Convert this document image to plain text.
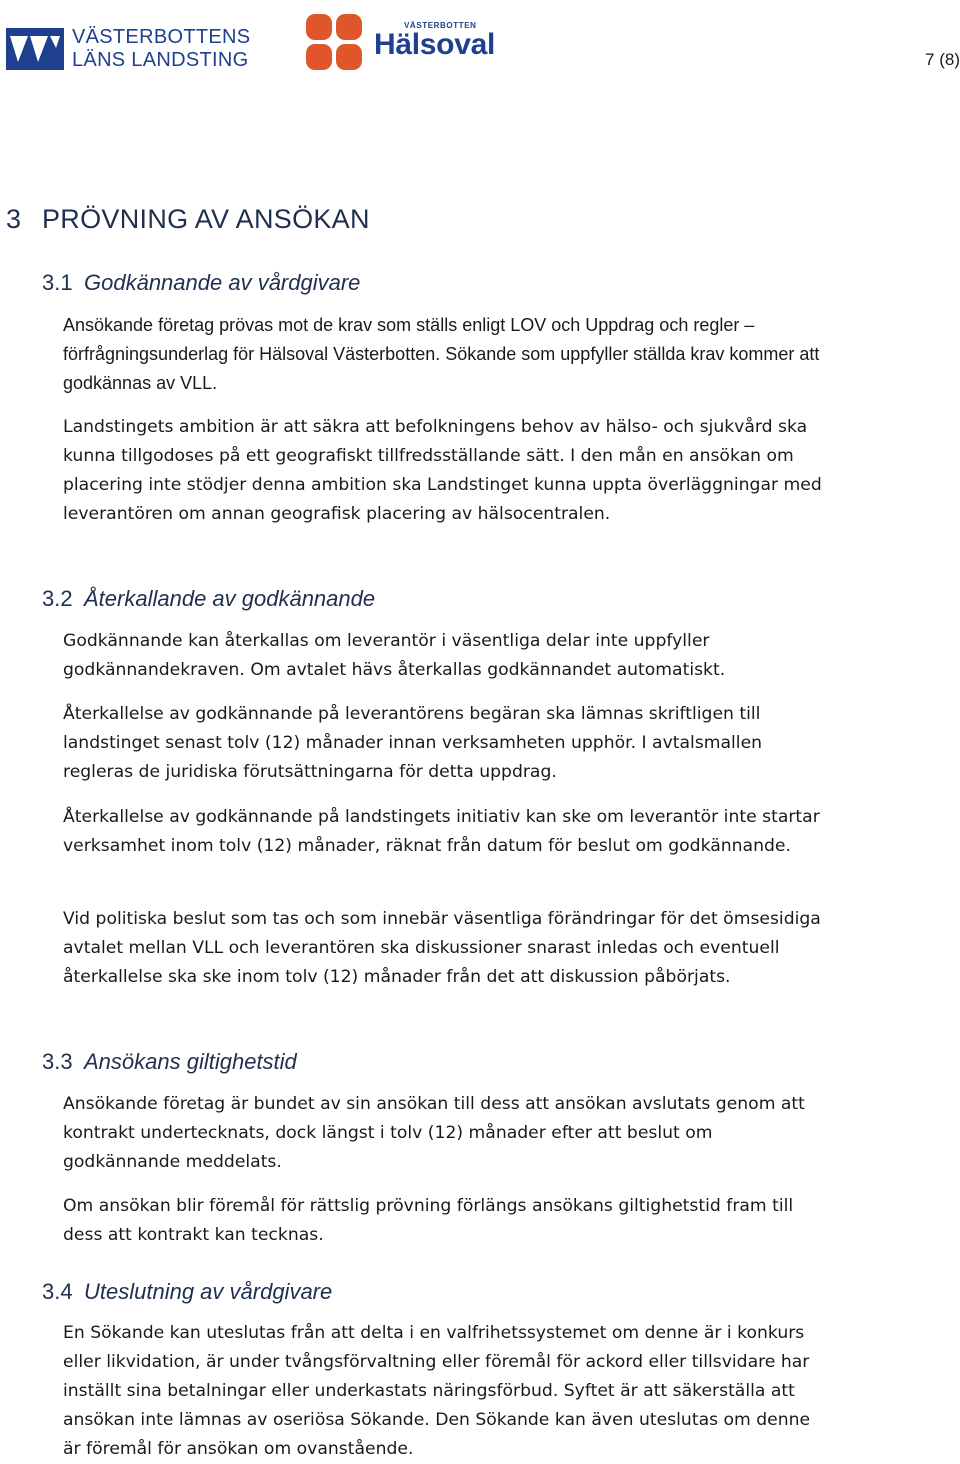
VÄSTERBOTTENS
LÄNS LANDSTING
VÄSTERBOTTEN
Hälsoval	7 (8)
3 PRÖVNING AV ANSÖKAN
3.1 Godkännande av vårdgivare
Ansökande företag prövas mot de krav som ställs enligt LOV och Uppdrag och regler – förfrågningsunderlag för Hälsoval Västerbotten. Sökande som uppfyller ställda krav kommer att godkännas av VLL.
Landstingets ambition är att säkra att befolkningens behov av hälso- och sjukvård ska kunna tillgodoses på ett geografiskt tillfredsställande sätt. I den mån en ansökan om placering inte stödjer denna ambition ska Landstinget kunna uppta överläggningar med leverantören om annan geografisk placering av hälsocentralen.
3.2 Återkallande av godkännande
Godkännande kan återkallas om leverantör i väsentliga delar inte uppfyller godkännandekraven. Om avtalet hävs återkallas godkännandet automatiskt.
Återkallelse av godkännande på leverantörens begäran ska lämnas skriftligen till landstinget senast tolv (12) månader innan verksamheten upphör. I avtalsmallen regleras de juridiska förutsättningarna för detta uppdrag.
Återkallelse av godkännande på landstingets initiativ kan ske om leverantör inte startar verksamhet inom tolv (12) månader, räknat från datum för beslut om godkännande.
Vid politiska beslut som tas och som innebär väsentliga förändringar för det ömsesidiga avtalet mellan VLL och leverantören ska diskussioner snarast inledas och eventuell återkallelse ska ske inom tolv (12) månader från det att diskussion påbörjats.
3.3 Ansökans giltighetstid
Ansökande företag är bundet av sin ansökan till dess att ansökan avslutats genom att kontrakt undertecknats, dock längst i tolv (12) månader efter att beslut om godkännande meddelats.
Om ansökan blir föremål för rättslig prövning förlängs ansökans giltighetstid fram till dess att kontrakt kan tecknas.
3.4 Uteslutning av vårdgivare
En Sökande kan uteslutas från att delta i en valfrihetssystemet om denne är i konkurs eller likvidation, är under tvångsförvaltning eller föremål för ackord eller tillsvidare har inställt sina betalningar eller underkastats näringsförbud. Syftet är att säkerställa att ansökan inte lämnas av oseriösa Sökande. Den Sökande kan även uteslutas om denne är föremål för ansökan om ovanstående.
